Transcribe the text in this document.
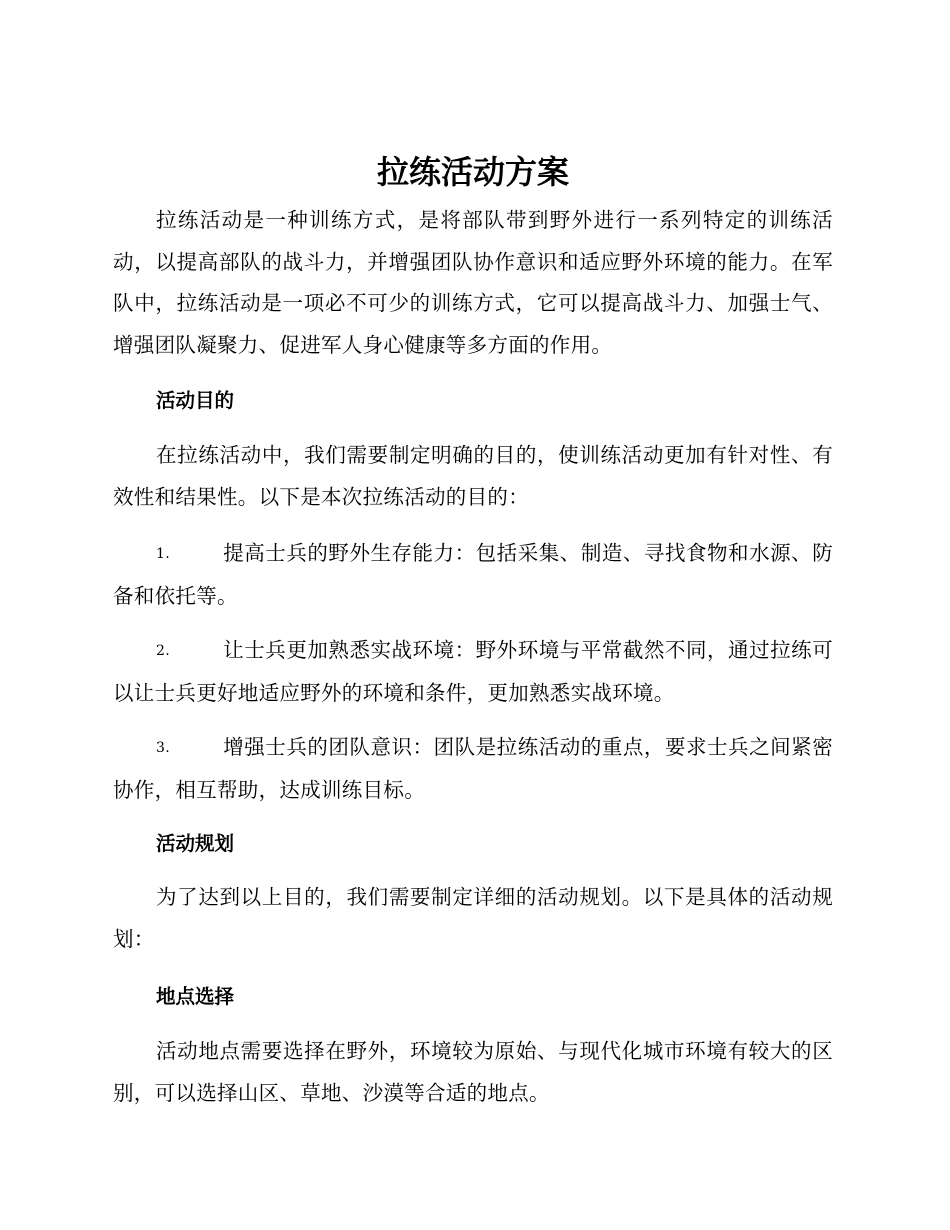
拉练活动方案

拉练活动是一种训练方式，是将部队带到野外进行一系列特定的训练活动，以提高部队的战斗力，并增强团队协作意识和适应野外环境的能力。在军队中，拉练活动是一项必不可少的训练方式，它可以提高战斗力、加强士气、增强团队凝聚力、促进军人身心健康等多方面的作用。

活动目的

在拉练活动中，我们需要制定明确的目的，使训练活动更加有针对性、有效性和结果性。以下是本次拉练活动的目的：

1.	提高士兵的野外生存能力：包括采集、制造、寻找食物和水源、防备和依托等。

2.	让士兵更加熟悉实战环境：野外环境与平常截然不同，通过拉练可以让士兵更好地适应野外的环境和条件，更加熟悉实战环境。

3.	增强士兵的团队意识：团队是拉练活动的重点，要求士兵之间紧密协作，相互帮助，达成训练目标。

活动规划

为了达到以上目的，我们需要制定详细的活动规划。以下是具体的活动规划：

地点选择

活动地点需要选择在野外，环境较为原始、与现代化城市环境有较大的区别，可以选择山区、草地、沙漠等合适的地点。
